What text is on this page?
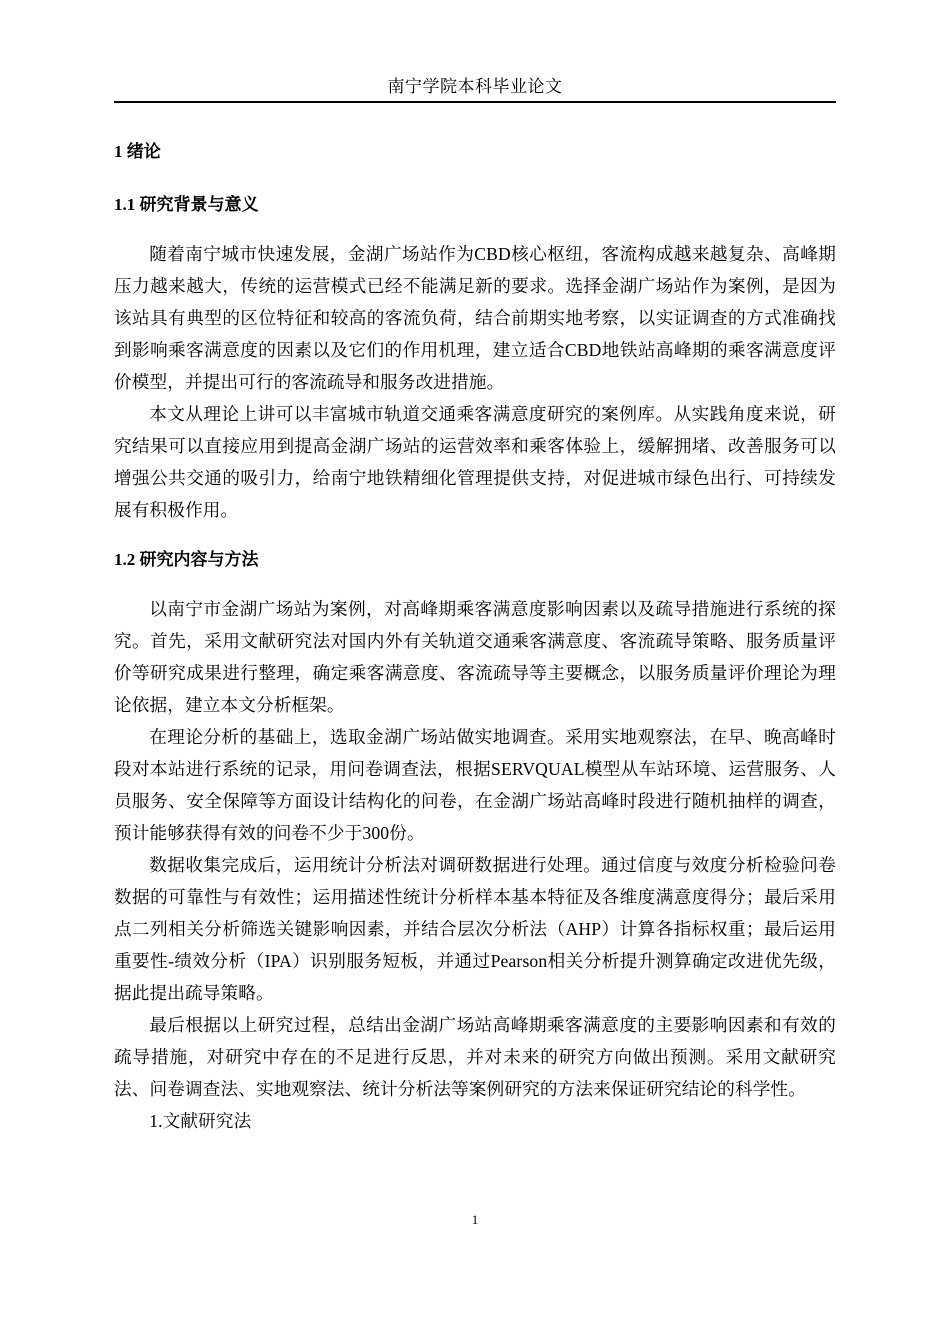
南宁学院本科毕业论文
1 绪论
1.1 研究背景与意义

随着南宁城市快速发展，金湖广场站作为CBD核心枢纽，客流构成越来越复杂、高峰期压力越来越大，传统的运营模式已经不能满足新的要求。选择金湖广场站作为案例，是因为该站具有典型的区位特征和较高的客流负荷，结合前期实地考察，以实证调查的方式准确找到影响乘客满意度的因素以及它们的作用机理，建立适合CBD地铁站高峰期的乘客满意度评价模型，并提出可行的客流疏导和服务改进措施。

本文从理论上讲可以丰富城市轨道交通乘客满意度研究的案例库。从实践角度来说，研究结果可以直接应用到提高金湖广场站的运营效率和乘客体验上，缓解拥堵、改善服务可以增强公共交通的吸引力，给南宁地铁精细化管理提供支持，对促进城市绿色出行、可持续发展有积极作用。

1.2 研究内容与方法

以南宁市金湖广场站为案例，对高峰期乘客满意度影响因素以及疏导措施进行系统的探究。首先，采用文献研究法对国内外有关轨道交通乘客满意度、客流疏导策略、服务质量评价等研究成果进行整理，确定乘客满意度、客流疏导等主要概念，以服务质量评价理论为理论依据，建立本文分析框架。

在理论分析的基础上，选取金湖广场站做实地调查。采用实地观察法，在早、晚高峰时段对本站进行系统的记录，用问卷调查法，根据SERVQUAL模型从车站环境、运营服务、人员服务、安全保障等方面设计结构化的问卷，在金湖广场站高峰时段进行随机抽样的调查，预计能够获得有效的问卷不少于300份。

数据收集完成后，运用统计分析法对调研数据进行处理。通过信度与效度分析检验问卷数据的可靠性与有效性；运用描述性统计分析样本基本特征及各维度满意度得分；最后采用点二列相关分析筛选关键影响因素，并结合层次分析法（AHP）计算各指标权重；最后运用重要性-绩效分析（IPA）识别服务短板，并通过Pearson相关分析提升测算确定改进优先级，据此提出疏导策略。

最后根据以上研究过程，总结出金湖广场站高峰期乘客满意度的主要影响因素和有效的疏导措施，对研究中存在的不足进行反思，并对未来的研究方向做出预测。采用文献研究法、问卷调查法、实地观察法、统计分析法等案例研究的方法来保证研究结论的科学性。

1.文献研究法

1
